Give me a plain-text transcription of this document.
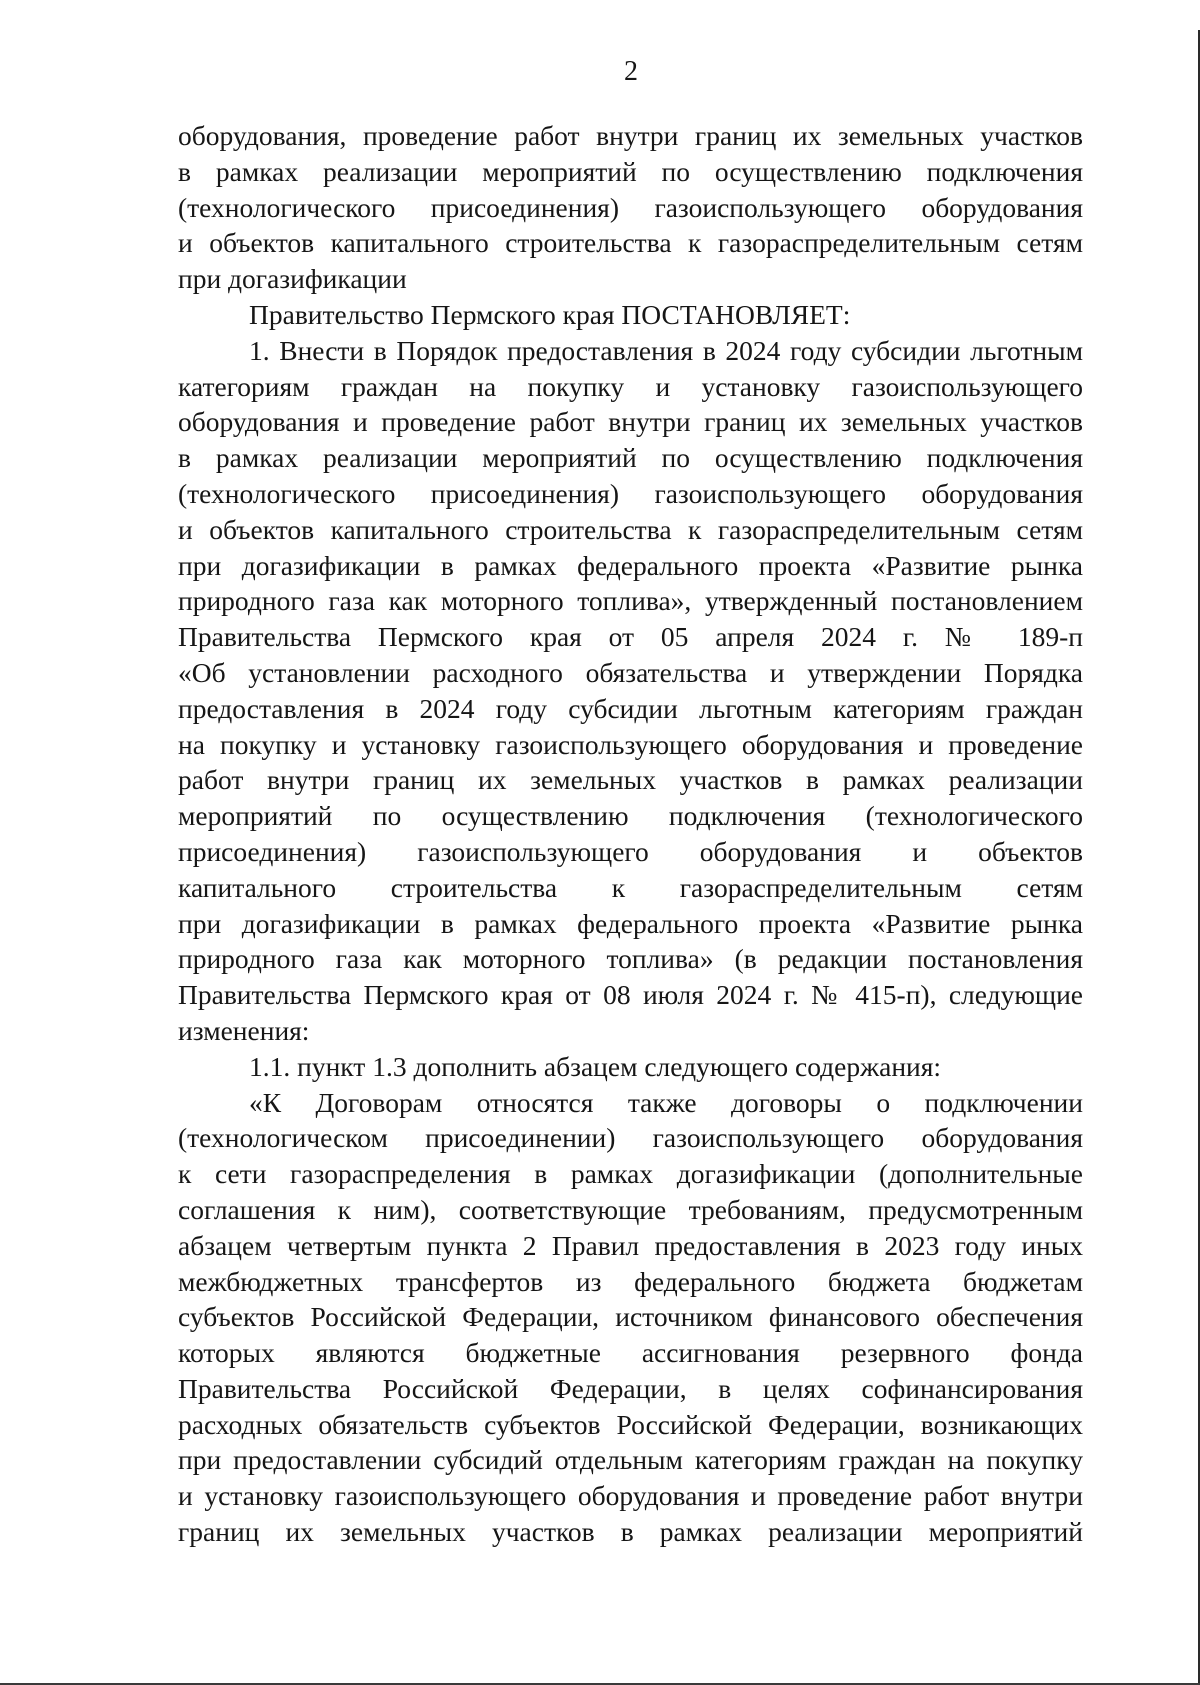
2
оборудования, проведение работ внутри границ их земельных участков
в рамках реализации мероприятий по осуществлению подключения
(технологического присоединения) газоиспользующего оборудования
и объектов капитального строительства к газораспределительным сетям
при догазификации
Правительство Пермского края ПОСТАНОВЛЯЕТ:
1. Внести в Порядок предоставления в 2024 году субсидии льготным
категориям граждан на покупку и установку газоиспользующего
оборудования и проведение работ внутри границ их земельных участков
в рамках реализации мероприятий по осуществлению подключения
(технологического присоединения) газоиспользующего оборудования
и объектов капитального строительства к газораспределительным сетям
при догазификации в рамках федерального проекта «Развитие рынка
природного газа как моторного топлива», утвержденный постановлением
Правительства Пермского края от 05 апреля 2024 г. № 189-п
«Об установлении расходного обязательства и утверждении Порядка
предоставления в 2024 году субсидии льготным категориям граждан
на покупку и установку газоиспользующего оборудования и проведение
работ внутри границ их земельных участков в рамках реализации
мероприятий по осуществлению подключения (технологического
присоединения) газоиспользующего оборудования и объектов
капитального строительства к газораспределительным сетям
при догазификации в рамках федерального проекта «Развитие рынка
природного газа как моторного топлива» (в редакции постановления
Правительства Пермского края от 08 июля 2024 г. № 415-п), следующие
изменения:
1.1. пункт 1.3 дополнить абзацем следующего содержания:
«К Договорам относятся также договоры о подключении
(технологическом присоединении) газоиспользующего оборудования
к сети газораспределения в рамках догазификации (дополнительные
соглашения к ним), соответствующие требованиям, предусмотренным
абзацем четвертым пункта 2 Правил предоставления в 2023 году иных
межбюджетных трансфертов из федерального бюджета бюджетам
субъектов Российской Федерации, источником финансового обеспечения
которых являются бюджетные ассигнования резервного фонда
Правительства Российской Федерации, в целях софинансирования
расходных обязательств субъектов Российской Федерации, возникающих
при предоставлении субсидий отдельным категориям граждан на покупку
и установку газоиспользующего оборудования и проведение работ внутри
границ их земельных участков в рамках реализации мероприятий
